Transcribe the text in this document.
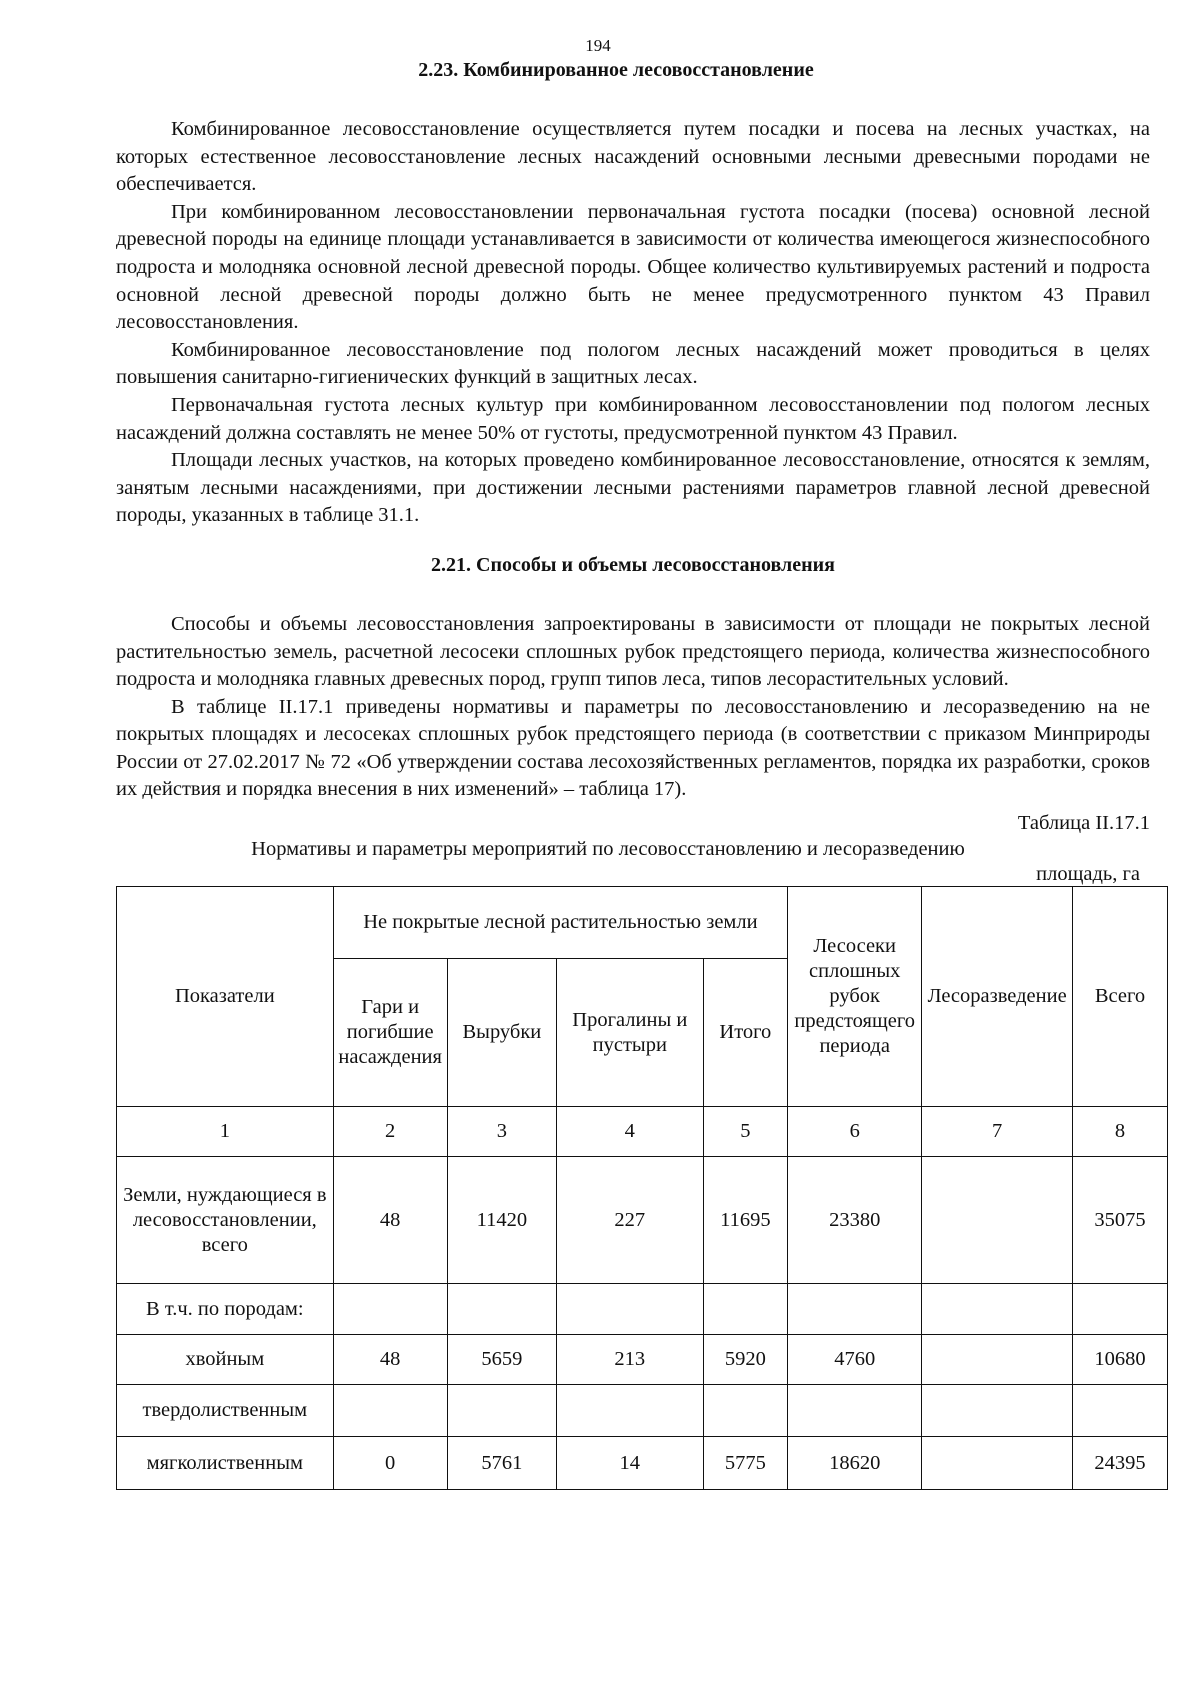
194
2.23. Комбинированное лесовосстановление

Комбинированное лесовосстановление осуществляется путем посадки и посева на лесных участках, на которых естественное лесовосстановление лесных насаждений основными лесными древесными породами не обеспечивается.

При комбинированном лесовосстановлении первоначальная густота посадки (посева) основной лесной древесной породы на единице площади устанавливается в зависимости от количества имеющегося жизнеспособного подроста и молодняка основной лесной древесной породы. Общее количество культивируемых растений и подроста основной лесной древесной породы должно быть не менее предусмотренного пунктом 43 Правил лесовосстановления.

Комбинированное лесовосстановление под пологом лесных насаждений может проводиться в целях повышения санитарно-гигиенических функций в защитных лесах.

Первоначальная густота лесных культур при комбинированном лесовосстановлении под пологом лесных насаждений должна составлять не менее 50% от густоты, предусмотренной пунктом 43 Правил.

Площади лесных участков, на которых проведено комбинированное лесовосстановление, относятся к землям, занятым лесными насаждениями, при достижении лесными растениями параметров главной лесной древесной породы, указанных в таблице 31.1.

2.21. Способы и объемы лесовосстановления

Способы и объемы лесовосстановления запроектированы в зависимости от площади не покрытых лесной растительностью земель, расчетной лесосеки сплошных рубок предстоящего периода, количества жизнеспособного подроста и молодняка главных древесных пород, групп типов леса, типов лесорастительных условий.

В таблице II.17.1 приведены нормативы и параметры по лесовосстановлению и лесоразведению на не покрытых площадях и лесосеках сплошных рубок предстоящего периода (в соответствии с приказом Минприроды России от 27.02.2017 № 72 «Об утверждении состава лесохозяйственных регламентов, порядка их разработки, сроков их действия и порядка внесения в них изменений» – таблица 17).

Таблица II.17.1
Нормативы и параметры мероприятий по лесовосстановлению и лесоразведению
площадь, га
Показатели	Не покрытые лесной растительностью земли				Лесосеки сплошных рубок предстоящего периода	Лесоразведение	Всего
	Гари и погибшие насаждения	Вырубки	Прогалины и пустыри	Итого			
1	2	3	4	5	6	7	8
Земли, нуждающиеся в лесовосстановлении, всего	48	11420	227	11695	23380		35075
В т.ч. по породам:							
хвойным	48	5659	213	5920	4760		10680
твердолиственным							
мягколиственным	0	5761	14	5775	18620		24395
